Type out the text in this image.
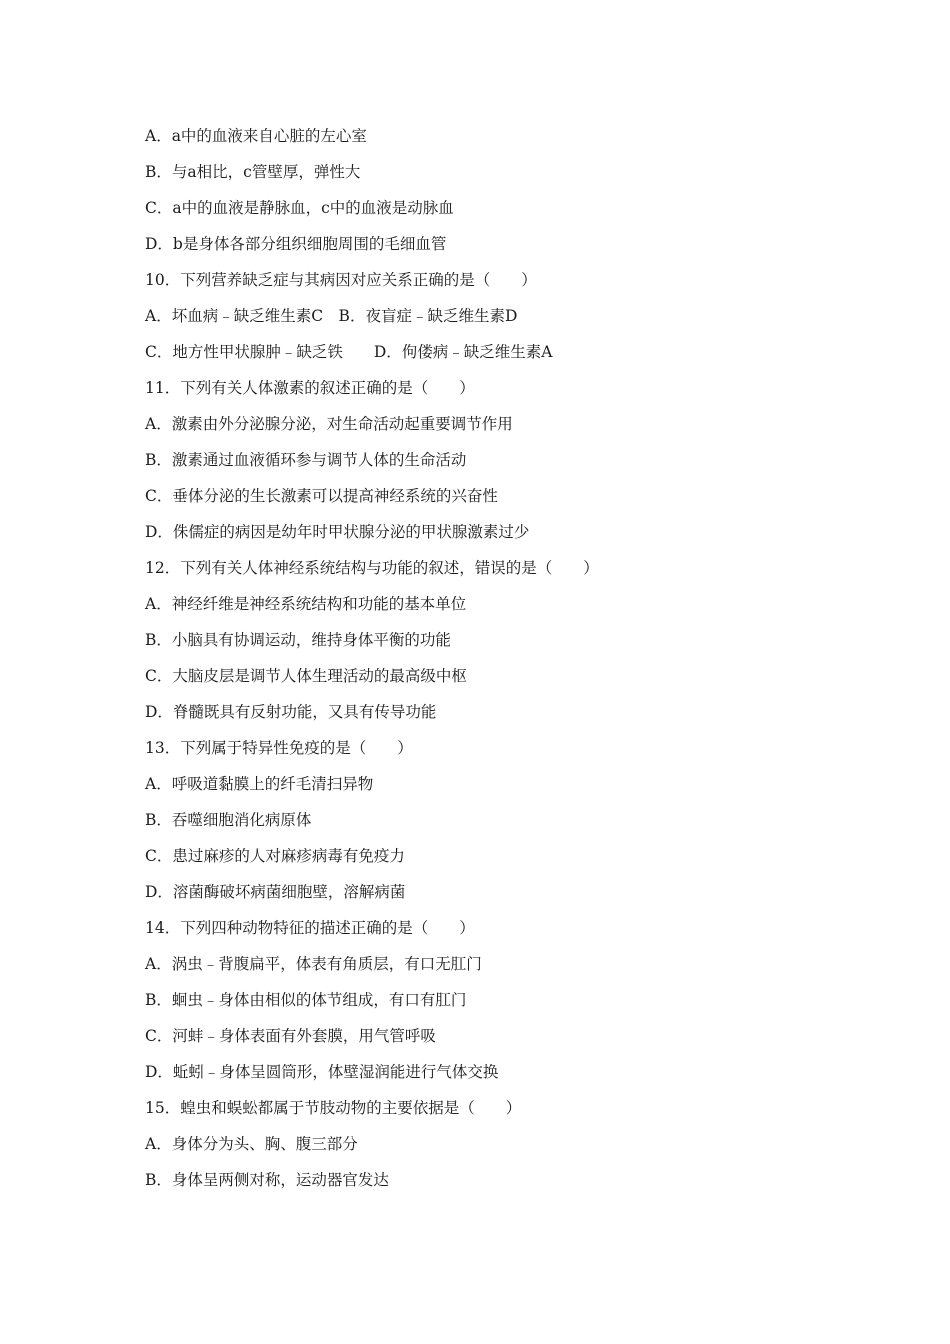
A．a中的血液来自心脏的左心室
B．与a相比，c管壁厚，弹性大
C．a中的血液是静脉血，c中的血液是动脉血
D．b是身体各部分组织细胞周围的毛细血管
10．下列营养缺乏症与其病因对应关系正确的是（　　）
A．坏血病﹣缺乏维生素C　B．夜盲症﹣缺乏维生素D
C．地方性甲状腺肿﹣缺乏铁　　D．佝偻病﹣缺乏维生素A
11．下列有关人体激素的叙述正确的是（　　）
A．激素由外分泌腺分泌，对生命活动起重要调节作用
B．激素通过血液循环参与调节人体的生命活动
C．垂体分泌的生长激素可以提高神经系统的兴奋性
D．侏儒症的病因是幼年时甲状腺分泌的甲状腺激素过少
12．下列有关人体神经系统结构与功能的叙述，错误的是（　　）
A．神经纤维是神经系统结构和功能的基本单位
B．小脑具有协调运动，维持身体平衡的功能
C．大脑皮层是调节人体生理活动的最高级中枢
D．脊髓既具有反射功能，又具有传导功能
13．下列属于特异性免疫的是（　　）
A．呼吸道黏膜上的纤毛清扫异物
B．吞噬细胞消化病原体
C．患过麻疹的人对麻疹病毒有免疫力
D．溶菌酶破坏病菌细胞壁，溶解病菌
14．下列四种动物特征的描述正确的是（　　）
A．涡虫﹣背腹扁平，体表有角质层，有口无肛门
B．蛔虫﹣身体由相似的体节组成，有口有肛门
C．河蚌﹣身体表面有外套膜，用气管呼吸
D．蚯蚓﹣身体呈圆筒形，体壁湿润能进行气体交换
15．蝗虫和蜈蚣都属于节肢动物的主要依据是（　　）
A．身体分为头、胸、腹三部分
B．身体呈两侧对称，运动器官发达
